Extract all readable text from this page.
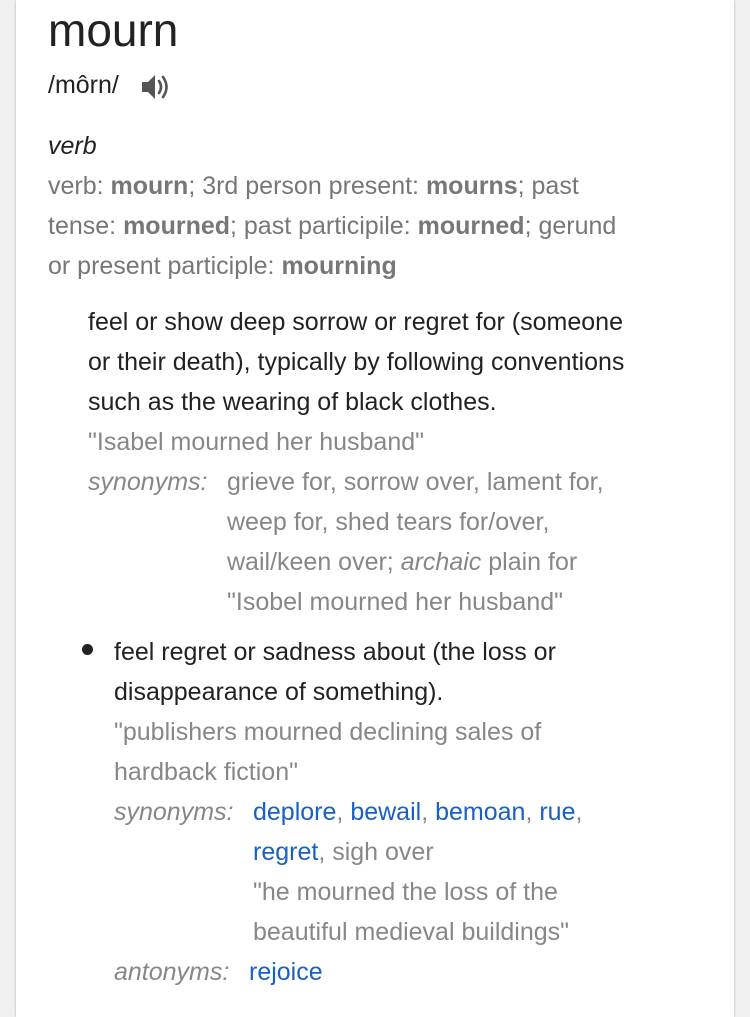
mourn
/môrn/
verb
verb: mourn; 3rd person present: mourns; past
tense: mourned; past participile: mourned; gerund
or present participle: mourning
feel or show deep sorrow or regret for (someone
or their death), typically by following conventions
such as the wearing of black clothes.
"Isabel mourned her husband"
synonyms: grieve for, sorrow over, lament for,
weep for, shed tears for/over,
wail/keen over; archaic plain for
"Isobel mourned her husband"
feel regret or sadness about (the loss or
disappearance of something).
"publishers mourned declining sales of
hardback fiction"
synonyms: deplore, bewail, bemoan, rue,
regret, sigh over
"he mourned the loss of the
beautiful medieval buildings"
antonyms: rejoice
